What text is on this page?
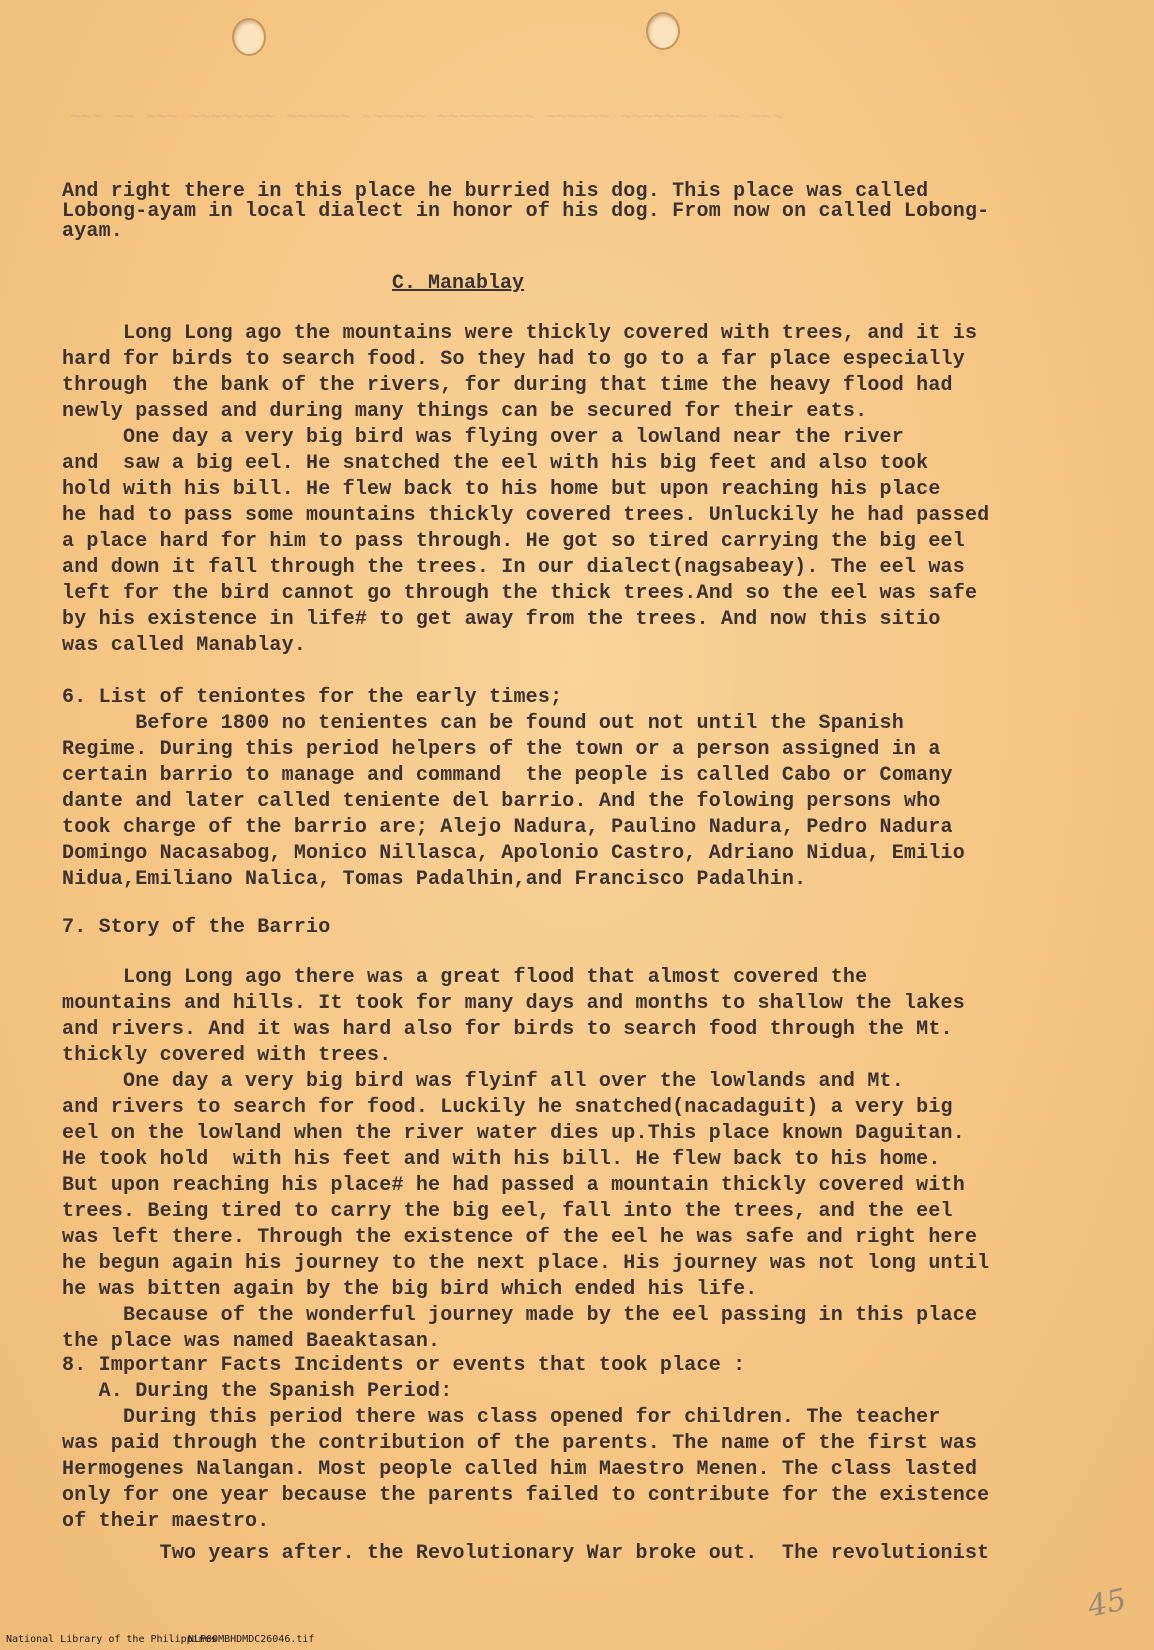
~~~ ~~ ~~~ ~~~~~~~~ ~~~~~~ ~~~~~~ ~~~~~~~~~ ~~~~~~ ~~~~~~~~ ~~ ~~~
And right there in this place he burried his dog. This place was called
Lobong-ayam in local dialect in honor of his dog. From now on called Lobong-
ayam.
C. Manablay
Long Long ago the mountains were thickly covered with trees, and it is
hard for birds to search food. So they had to go to a far place especially
through  the bank of the rivers, for during that time the heavy flood had
newly passed and during many things can be secured for their eats.
One day a very big bird was flying over a lowland near the river
and  saw a big eel. He snatched the eel with his big feet and also took
hold with his bill. He flew back to his home but upon reaching his place
he had to pass some mountains thickly covered trees. Unluckily he had passed
a place hard for him to pass through. He got so tired carrying the big eel
and down it fall through the trees. In our dialect(nagsabeay). The eel was
left for the bird cannot go through the thick trees.And so the eel was safe
by his existence in life# to get away from the trees. And now this sitio
was called Manablay.
6. List of teniontes for the early times;
Before 1800 no tenientes can be found out not until the Spanish
Regime. During this period helpers of the town or a person assigned in a
certain barrio to manage and command  the people is called Cabo or Comany
dante and later called teniente del barrio. And the folowing persons who
took charge of the barrio are; Alejo Nadura, Paulino Nadura, Pedro Nadura
Domingo Nacasabog, Monico Nillasca, Apolonio Castro, Adriano Nidua, Emilio
Nidua,Emiliano Nalica, Tomas Padalhin,and Francisco Padalhin.
7. Story of the Barrio
Long Long ago there was a great flood that almost covered the
mountains and hills. It took for many days and months to shallow the lakes
and rivers. And it was hard also for birds to search food through the Mt.
thickly covered with trees.
One day a very big bird was flyinf all over the lowlands and Mt.
and rivers to search for food. Luckily he snatched(nacadaguit) a very big
eel on the lowland when the river water dies up.This place known Daguitan.
He took hold  with his feet and with his bill. He flew back to his home.
But upon reaching his place# he had passed a mountain thickly covered with
trees. Being tired to carry the big eel, fall into the trees, and the eel
was left there. Through the existence of the eel he was safe and right here
he begun again his journey to the next place. His journey was not long until
he was bitten again by the big bird which ended his life.
Because of the wonderful journey made by the eel passing in this place
the place was named Baeaktasan.
8. Importanr Facts Incidents or events that took place :
A. During the Spanish Period:
During this period there was class opened for children. The teacher
was paid through the contribution of the parents. The name of the first was
Hermogenes Nalangan. Most people called him Maestro Menen. The class lasted
only for one year because the parents failed to contribute for the existence
of their maestro.
Two years after. the Revolutionary War broke out.  The revolutionist
45
National Library of the Philippines
NLP00MBHDMDC26046.tif
